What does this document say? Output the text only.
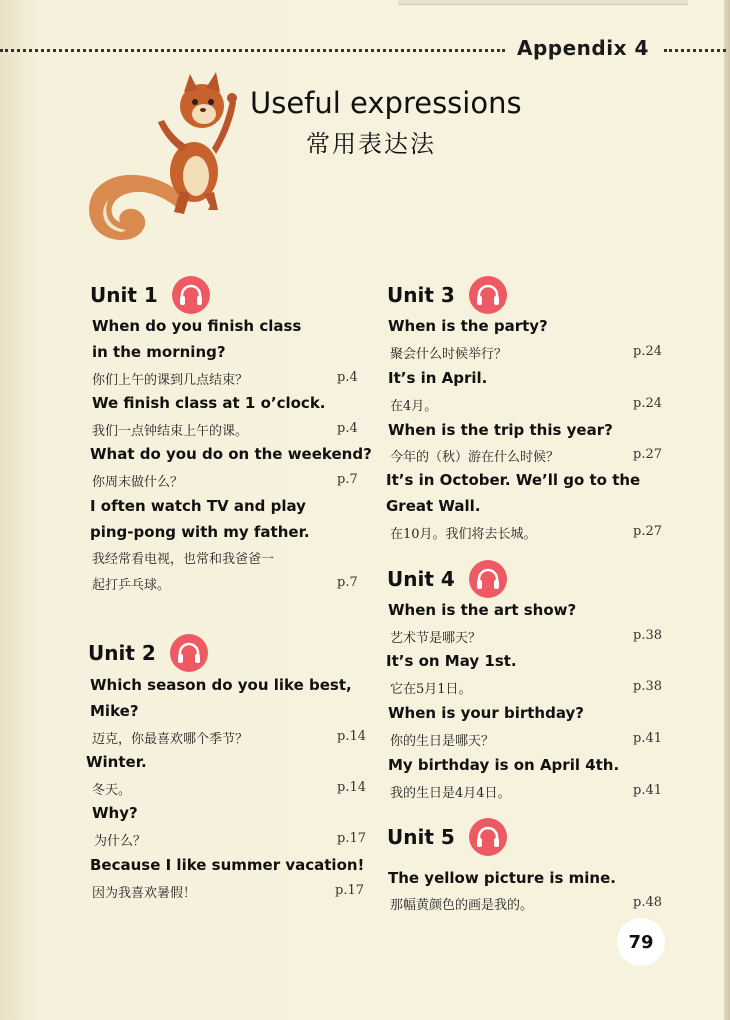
Appendix 4
Useful expressions
常用表达法
Unit 1
When do you finish class
in the morning?
你们上午的课到几点结束？	p.4
We finish class at 1 o’clock.
我们一点钟结束上午的课。	p.4
What do you do on the weekend?
你周末做什么？	p.7
I often watch TV and play
ping-pong with my father.
我经常看电视，也常和我爸爸一
起打乒乓球。	p.7
Unit 2
Which season do you like best,
Mike?
迈克，你最喜欢哪个季节？	p.14
Winter.
冬天。	p.14
Why?
为什么？	p.17
Because I like summer vacation!
因为我喜欢暑假！	p.17
Unit 3
When is the party?
聚会什么时候举行？	p.24
It’s in April.
在4月。	p.24
When is the trip this year?
今年的（秋）游在什么时候？	p.27
It’s in October. We’ll go to the
Great Wall.
在10月。我们将去长城。	p.27
Unit 4
When is the art show?
艺术节是哪天？	p.38
It’s on May 1st.
它在5月1日。	p.38
When is your birthday?
你的生日是哪天？	p.41
My birthday is on April 4th.
我的生日是4月4日。	p.41
Unit 5
The yellow picture is mine.
那幅黄颜色的画是我的。	p.48
79
